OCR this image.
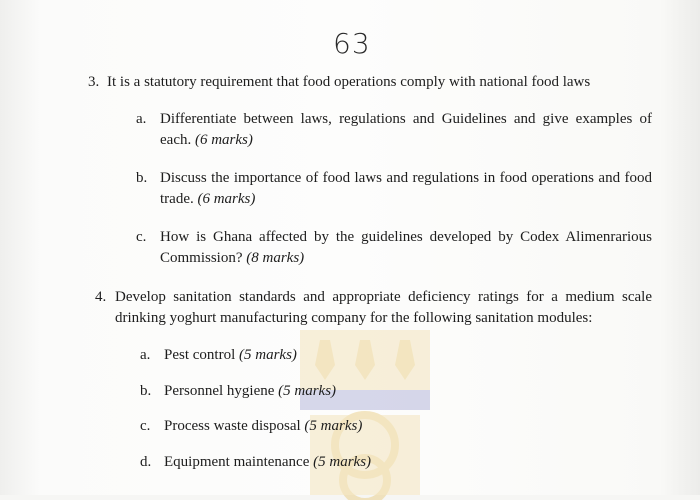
63
3. It is a statutory requirement that food operations comply with national food laws
a. Differentiate between laws, regulations and Guidelines and give examples of each. (6 marks)
b. Discuss the importance of food laws and regulations in food operations and food trade. (6 marks)
c. How is Ghana affected by the guidelines developed by Codex Alimenrarious Commission? (8 marks)
4. Develop sanitation standards and appropriate deficiency ratings for a medium scale drinking yoghurt manufacturing company for the following sanitation modules:
a. Pest control (5 marks)
b. Personnel hygiene (5 marks)
c. Process waste disposal (5 marks)
d. Equipment maintenance (5 marks)
